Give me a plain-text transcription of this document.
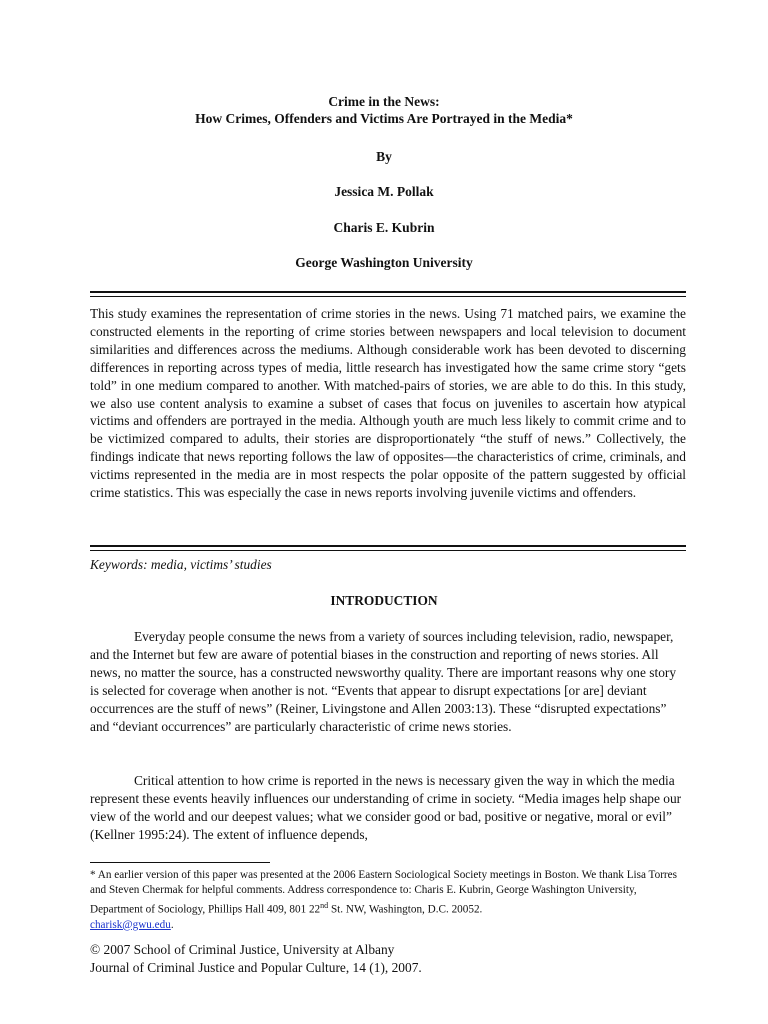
Crime in the News:
How Crimes, Offenders and Victims Are Portrayed in the Media*
By
Jessica M. Pollak
Charis E. Kubrin
George Washington University
This study examines the representation of crime stories in the news. Using 71 matched pairs, we examine the constructed elements in the reporting of crime stories between newspapers and local television to document similarities and differences across the mediums. Although considerable work has been devoted to discerning differences in reporting across types of media, little research has investigated how the same crime story “gets told” in one medium compared to another. With matched-pairs of stories, we are able to do this. In this study, we also use content analysis to examine a subset of cases that focus on juveniles to ascertain how atypical victims and offenders are portrayed in the media. Although youth are much less likely to commit crime and to be victimized compared to adults, their stories are disproportionately “the stuff of news.” Collectively, the findings indicate that news reporting follows the law of opposites—the characteristics of crime, criminals, and victims represented in the media are in most respects the polar opposite of the pattern suggested by official crime statistics. This was especially the case in news reports involving juvenile victims and offenders.
Keywords: media, victims’ studies
INTRODUCTION
Everyday people consume the news from a variety of sources including television, radio, newspaper, and the Internet but few are aware of potential biases in the construction and reporting of news stories. All news, no matter the source, has a constructed newsworthy quality. There are important reasons why one story is selected for coverage when another is not. “Events that appear to disrupt expectations [or are] deviant occurrences are the stuff of news” (Reiner, Livingstone and Allen 2003:13). These “disrupted expectations” and “deviant occurrences” are particularly characteristic of crime news stories.
Critical attention to how crime is reported in the news is necessary given the way in which the media represent these events heavily influences our understanding of crime in society. “Media images help shape our view of the world and our deepest values; what we consider good or bad, positive or negative, moral or evil” (Kellner 1995:24). The extent of influence depends,
* An earlier version of this paper was presented at the 2006 Eastern Sociological Society meetings in Boston. We thank Lisa Torres and Steven Chermak for helpful comments. Address correspondence to: Charis E. Kubrin, George Washington University, Department of Sociology, Phillips Hall 409, 801 22nd St. NW, Washington, D.C. 20052.
charisk@gwu.edu.
© 2007 School of Criminal Justice, University at Albany
Journal of Criminal Justice and Popular Culture, 14 (1), 2007.
